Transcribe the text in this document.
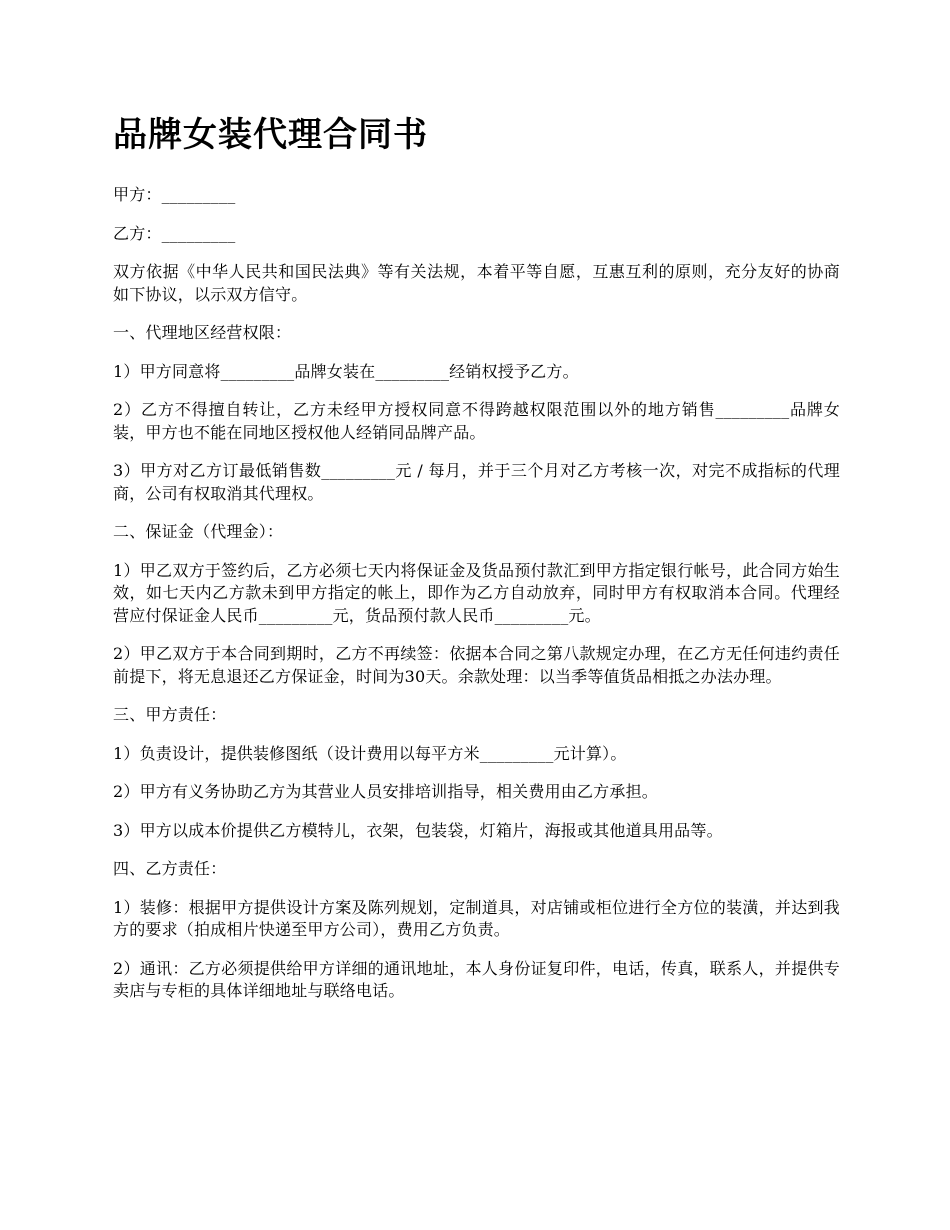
品牌女装代理合同书

甲方：_________

乙方：_________

双方依据《中华人民共和国民法典》等有关法规，本着平等自愿，互惠互利的原则，充分友好的协商如下协议，以示双方信守。

一、代理地区经营权限：

1）甲方同意将_________品牌女装在_________经销权授予乙方。

2）乙方不得擅自转让，乙方未经甲方授权同意不得跨越权限范围以外的地方销售_________品牌女装，甲方也不能在同地区授权他人经销同品牌产品。

3）甲方对乙方订最低销售数_________元 / 每月，并于三个月对乙方考核一次，对完不成指标的代理商，公司有权取消其代理权。

二、保证金（代理金）：

1）甲乙双方于签约后，乙方必须七天内将保证金及货品预付款汇到甲方指定银行帐号，此合同方始生效，如七天内乙方款未到甲方指定的帐上，即作为乙方自动放弃，同时甲方有权取消本合同。代理经营应付保证金人民币_________元，货品预付款人民币_________元。

2）甲乙双方于本合同到期时，乙方不再续签：依据本合同之第八款规定办理，在乙方无任何违约责任前提下，将无息退还乙方保证金，时间为30天。余款处理：以当季等值货品相抵之办法办理。

三、甲方责任：

1）负责设计，提供装修图纸（设计费用以每平方米_________元计算）。

2）甲方有义务协助乙方为其营业人员安排培训指导，相关费用由乙方承担。

3）甲方以成本价提供乙方模特儿，衣架，包装袋，灯箱片，海报或其他道具用品等。

四、乙方责任：

1）装修：根据甲方提供设计方案及陈列规划，定制道具，对店铺或柜位进行全方位的装潢，并达到我方的要求（拍成相片快递至甲方公司），费用乙方负责。

2）通讯：乙方必须提供给甲方详细的通讯地址，本人身份证复印件，电话，传真，联系人，并提供专卖店与专柜的具体详细地址与联络电话。
